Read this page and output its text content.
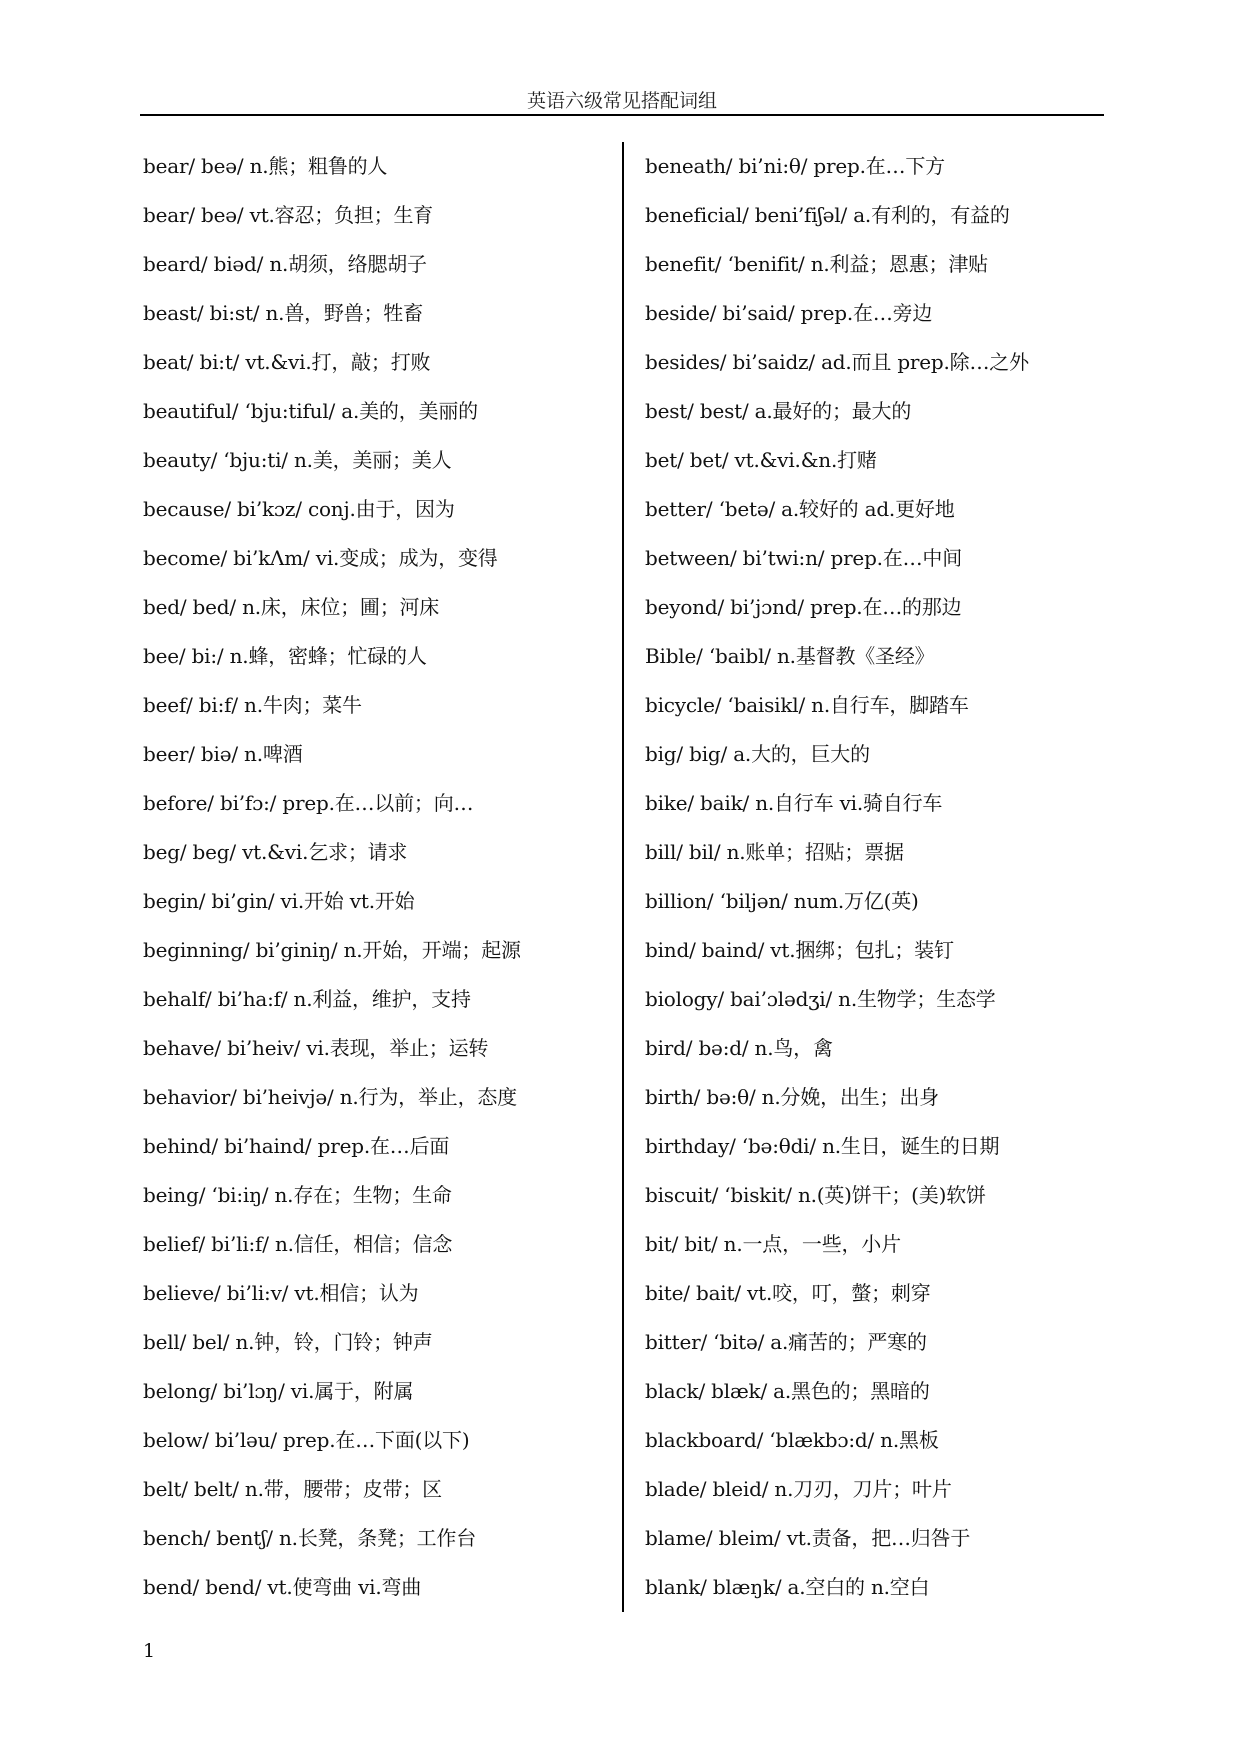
英语六级常见搭配词组
bear/ beə/ n.熊；粗鲁的人
bear/ beə/ vt.容忍；负担；生育
beard/ biəd/ n.胡须，络腮胡子
beast/ bi:st/ n.兽，野兽；牲畜
beat/ bi:t/ vt.&vi.打，敲；打败
beautiful/ ‘bju:tiful/ a.美的，美丽的
beauty/ ‘bju:ti/ n.美，美丽；美人
because/ bi’kɔz/ conj.由于，因为
become/ bi’kΛm/ vi.变成；成为，变得
bed/ bed/ n.床，床位；圃；河床
bee/ bi:/ n.蜂，密蜂；忙碌的人
beef/ bi:f/ n.牛肉；菜牛
beer/ biə/ n.啤酒
before/ bi’fɔ:/ prep.在…以前；向…
beg/ beg/ vt.&vi.乞求；请求
begin/ bi’gin/ vi.开始 vt.开始
beginning/ bi’giniŋ/ n.开始，开端；起源
behalf/ bi’ha:f/ n.利益，维护，支持
behave/ bi’heiv/ vi.表现，举止；运转
behavior/ bi’heivjə/ n.行为，举止，态度
behind/ bi’haind/ prep.在…后面
being/ ‘bi:iŋ/ n.存在；生物；生命
belief/ bi’li:f/ n.信任，相信；信念
believe/ bi’li:v/ vt.相信；认为
bell/ bel/ n.钟，铃，门铃；钟声
belong/ bi’lɔŋ/ vi.属于，附属
below/ bi’ləu/ prep.在…下面(以下)
belt/ belt/ n.带，腰带；皮带；区
bench/ bentʃ/ n.长凳，条凳；工作台
bend/ bend/ vt.使弯曲 vi.弯曲
beneath/ bi’ni:θ/ prep.在…下方
beneficial/ beni’fiʃəl/ a.有利的，有益的
benefit/ ‘benifit/ n.利益；恩惠；津贴
beside/ bi’said/ prep.在…旁边
besides/ bi’saidz/ ad.而且 prep.除…之外
best/ best/ a.最好的；最大的
bet/ bet/ vt.&vi.&n.打赌
better/ ‘betə/ a.较好的 ad.更好地
between/ bi’twi:n/ prep.在…中间
beyond/ bi’jɔnd/ prep.在…的那边
Bible/ ‘baibl/ n.基督教《圣经》
bicycle/ ‘baisikl/ n.自行车，脚踏车
big/ big/ a.大的，巨大的
bike/ baik/ n.自行车 vi.骑自行车
bill/ bil/ n.账单；招贴；票据
billion/ ‘biljən/ num.万亿(英)
bind/ baind/ vt.捆绑；包扎；装钉
biology/ bai’ɔlədʒi/ n.生物学；生态学
bird/ bə:d/ n.鸟，禽
birth/ bə:θ/ n.分娩，出生；出身
birthday/ ‘bə:θdi/ n.生日，诞生的日期
biscuit/ ‘biskit/ n.(英)饼干；(美)软饼
bit/ bit/ n.一点，一些，小片
bite/ bait/ vt.咬，叮，螫；刺穿
bitter/ ‘bitə/ a.痛苦的；严寒的
black/ blæk/ a.黑色的；黑暗的
blackboard/ ‘blækbɔ:d/ n.黑板
blade/ bleid/ n.刀刃，刀片；叶片
blame/ bleim/ vt.责备，把…归咎于
blank/ blæŋk/ a.空白的 n.空白
1
